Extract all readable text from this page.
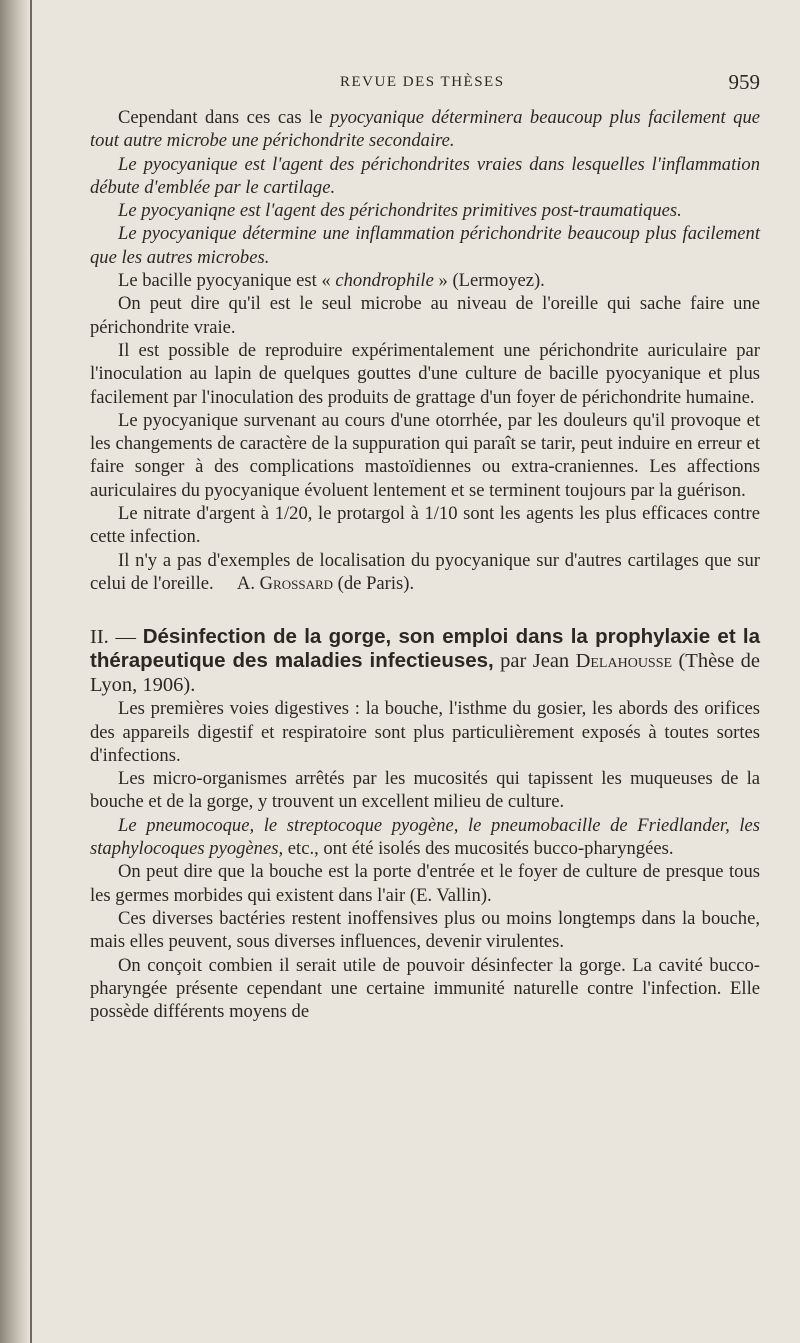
REVUE DES THÈSES	959

Cependant dans ces cas le pyocyanique déterminera beaucoup plus facilement que tout autre microbe une périchondrite secondaire.

Le pyocyanique est l'agent des périchondrites vraies dans lesquelles l'inflammation débute d'emblée par le cartilage.

Le pyocyaniqne est l'agent des périchondrites primitives post-traumatiques.

Le pyocyanique détermine une inflammation périchondrite beaucoup plus facilement que les autres microbes.

Le bacille pyocyanique est « chondrophile » (Lermoyez).

On peut dire qu'il est le seul microbe au niveau de l'oreille qui sache faire une périchondrite vraie.

Il est possible de reproduire expérimentalement une périchondrite auriculaire par l'inoculation au lapin de quelques gouttes d'une culture de bacille pyocyanique et plus facilement par l'inoculation des produits de grattage d'un foyer de périchondrite humaine.

Le pyocyanique survenant au cours d'une otorrhée, par les douleurs qu'il provoque et les changements de caractère de la suppuration qui paraît se tarir, peut induire en erreur et faire songer à des complications mastoïdiennes ou extra-craniennes. Les affections auriculaires du pyocyanique évoluent lentement et se terminent toujours par la guérison.

Le nitrate d'argent à 1/20, le protargol à 1/10 sont les agents les plus efficaces contre cette infection.

Il n'y a pas d'exemples de localisation du pyocyanique sur d'autres cartilages que sur celui de l'oreille. A. Grossard (de Paris).

II. — Désinfection de la gorge, son emploi dans la prophylaxie et la thérapeutique des maladies infectieuses, par Jean Delahousse (Thèse de Lyon, 1906).

Les premières voies digestives : la bouche, l'isthme du gosier, les abords des orifices des appareils digestif et respiratoire sont plus particulièrement exposés à toutes sortes d'infections.

Les micro-organismes arrêtés par les mucosités qui tapissent les muqueuses de la bouche et de la gorge, y trouvent un excellent milieu de culture.

Le pneumocoque, le streptocoque pyogène, le pneumobacille de Friedlander, les staphylocoques pyogènes, etc., ont été isolés des mucosités bucco-pharyngées.

On peut dire que la bouche est la porte d'entrée et le foyer de culture de presque tous les germes morbides qui existent dans l'air (E. Vallin).

Ces diverses bactéries restent inoffensives plus ou moins longtemps dans la bouche, mais elles peuvent, sous diverses influences, devenir virulentes.

On conçoit combien il serait utile de pouvoir désinfecter la gorge. La cavité bucco-pharyngée présente cependant une certaine immunité naturelle contre l'infection. Elle possède différents moyens de
